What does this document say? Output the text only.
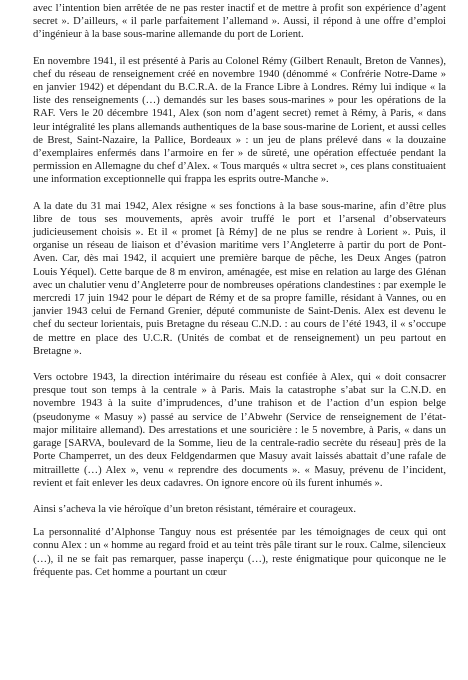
avec l’intention bien arrêtée de ne pas rester inactif et de mettre à profit son expérience d’agent secret ». D’ailleurs, « il parle parfaitement l’allemand ». Aussi, il répond à une offre d’emploi d’ingénieur à la base sous-marine allemande du port de Lorient.

En novembre 1941, il est présenté à Paris au Colonel Rémy (Gilbert Renault, Breton de Vannes), chef du réseau de renseignement créé en novembre 1940 (dénommé « Confrérie Notre-Dame » en janvier 1942) et dépendant du B.C.R.A. de la France Libre à Londres. Rémy lui indique « la liste des renseignements (…) demandés sur les bases sous-marines » pour les opérations de la RAF. Vers le 20 décembre 1941, Alex (son nom d’agent secret) remet à Rémy, à Paris, « dans leur intégralité les plans allemands authentiques de la base sous-marine de Lorient, et aussi celles de Brest, Saint-Nazaire, la Pallice, Bordeaux » : un jeu de plans prélevé dans « la douzaine d’exemplaires enfermés dans l’armoire en fer » de sûreté, une opération effectuée pendant la permission en Allemagne du chef d’Alex. « Tous marqués « ultra secret », ces plans constituaient une information exceptionnelle qui frappa les esprits outre-Manche ».

A la date du 31 mai 1942, Alex résigne « ses fonctions à la base sous-marine, afin d’être plus libre de tous ses mouvements, après avoir truffé le port et l’arsenal d’observateurs judicieusement choisis ». Et il « promet [à Rémy] de ne plus se rendre à Lorient ». Puis, il organise un réseau de liaison et d’évasion maritime vers l’Angleterre à partir du port de Pont-Aven. Car, dès mai 1942, il acquiert une première barque de pêche, les Deux Anges (patron Louis Yéquel). Cette barque de 8 m environ, aménagée, est mise en relation au large des Glénan avec un chalutier venu d’Angleterre pour de nombreuses opérations clandestines : par exemple le mercredi 17 juin 1942 pour le départ de Rémy et de sa propre famille, résidant à Vannes, ou en janvier 1943 celui de Fernand Grenier, député communiste de Saint-Denis. Alex est devenu le chef du secteur lorientais, puis Bretagne du réseau C.N.D. : au cours de l’été 1943, il « s’occupe de mettre en place des U.C.R. (Unités de combat et de renseignement) un peu partout en Bretagne ».

Vers octobre 1943, la direction intérimaire du réseau est confiée à Alex, qui « doit consacrer presque tout son temps à la centrale » à Paris. Mais la catastrophe s’abat sur la C.N.D. en novembre 1943 à la suite d’imprudences, d’une trahison et de l’action d’un espion belge (pseudonyme « Masuy ») passé au service de l’Abwehr (Service de renseignement de l’état-major militaire allemand). Des arrestations et une souricière : le 5 novembre, à Paris, « dans un garage [SARVA, boulevard de la Somme, lieu de la centrale-radio secrète du réseau] près de la Porte Champerret, un des deux Feldgendarmen que Masuy avait laissés abattait d’une rafale de mitraillette (…) Alex », venu « reprendre des documents ». « Masuy, prévenu de l’incident, revient et fait enlever les deux cadavres. On ignore encore où ils furent inhumés ».

Ainsi s’acheva la vie héroïque d’un breton résistant, téméraire et courageux.

La personnalité d’Alphonse Tanguy nous est présentée par les témoignages de ceux qui ont connu Alex : un « homme au regard froid et au teint très pâle tirant sur le roux. Calme, silencieux (…), il ne se fait pas remarquer, passe inaperçu (…), reste énigmatique pour quiconque ne le fréquente pas. Cet homme a pourtant un cœur
